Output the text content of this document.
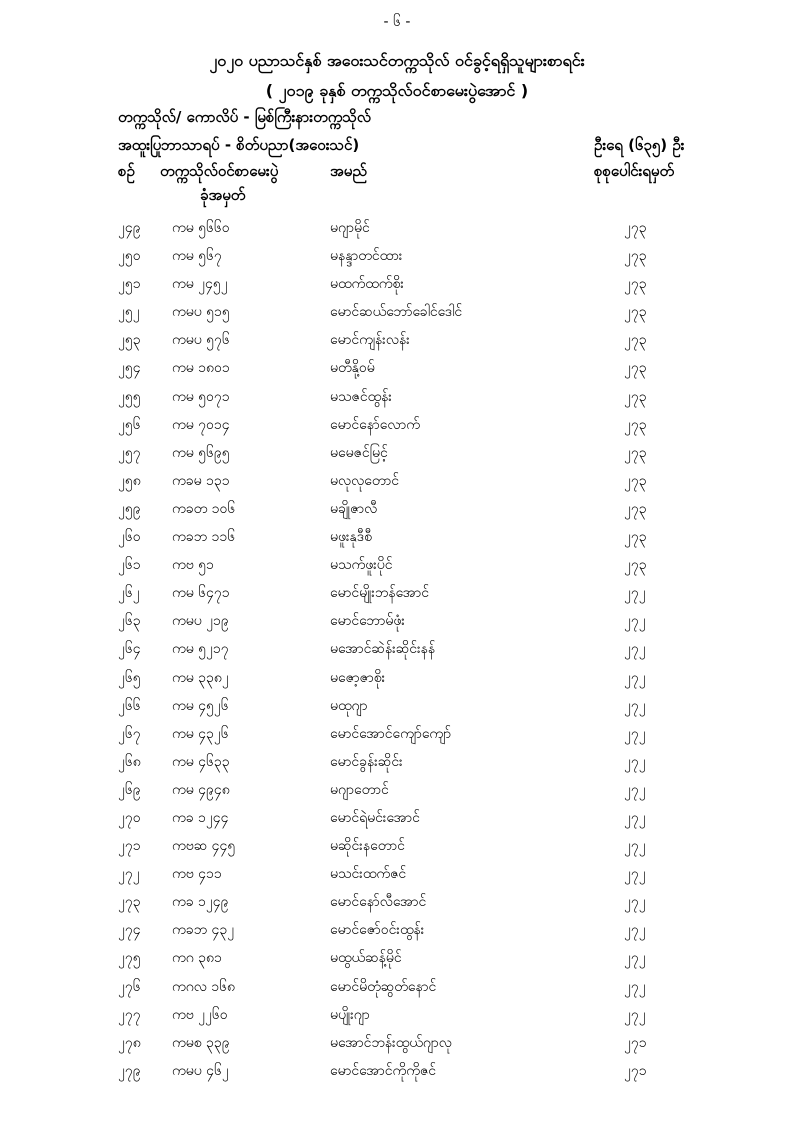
- ၆ -
၂၀၂၀ ပညာသင်နှစ် အဝေးသင်တက္ကသိုလ် ဝင်ခွင့်ရရှိသူများစာရင်း
( ၂၀၁၉ ခုနှစ် တက္ကသိုလ်ဝင်စာမေးပွဲအောင် )
တက္ကသိုလ်/ ကောလိပ် - မြစ်ကြီးနားတက္ကသိုလ်
အထူးပြုဘာသာရပ် - စိတ်ပညာ(အဝေးသင်)	ဦးရေ (၆၃၅) ဦး
စဉ် တက္ကသိုလ်ဝင်စာမေးပွဲ
ခုံအမှတ်
အမည်	စုစုပေါင်းရမှတ်
၂၄၉ ကမ ၅၆၆၀	မဂျာမိုင်	၂၇၃
၂၅၀ ကမ ၅၆၇	မနန္ဒာတင်ထား	၂၇၃
၂၅၁ ကမ ၂၄၅၂	မထက်ထက်စိုး	၂၇၃
၂၅၂ ကမပ ၅၁၅	မောင်ဆယ်ဘော်ခေါင်ဒေါင်	၂၇၃
၂၅၃ ကမပ ၅၇၆	မောင်ကျန်းလန်း	၂၇၃
၂၅၄ ကမ ၁၈၀၁	မတီနို့ဝမ်	၂၇၃
၂၅၅ ကမ ၅၀၇၁	မသဇင်ထွန်း	၂၇၃
၂၅၆ ကမ ၇၀၁၄	မောင်နော်လောက်	၂၇၃
၂၅၇ ကမ ၅၆၉၅	မမေဇင်မြင့်	၂၇၃
၂၅၈ ကခမ ၁၃၁	မလုလုတောင်	၂၇၃
၂၅၉ ကခတ ၁၀၆	မချိုဇာလီ	၂၇၃
၂၆၀ ကခဘ ၁၁၆	မဖူးနုဒီစီ	၂၇၃
၂၆၁ ကဗ ၅၁	မသက်ဖူးပိုင်	၂၇၃
၂၆၂ ကမ ၆၄၇၁	မောင်မျိုးဘန်အောင်	၂၇၂
၂၆၃ ကမပ ၂၁၉	မောင်ဘောမ်ဖုံး	၂၇၂
၂၆၄ ကမ ၅၂၁၇	မအောင်ဆဲန်းဆိုင်းနန်	၂၇၂
၂၆၅ ကမ ၃၃၈၂	မဇော့ဇာစိုး	၂၇၂
၂၆၆ ကမ ၄၅၂၆	မထုဂျာ	၂၇၂
၂၆၇ ကမ ၄၃၂၆	မောင်အောင်ကျော်ကျော်	၂၇၂
၂၆၈ ကမ ၄၆၃၃	မောင်ခွန်းဆိုင်း	၂၇၂
၂၆၉ ကမ ၄၉၄၈	မဂျာတောင်	၂၇၂
၂၇၀ ကခ ၁၂၄၄	မောင်ရဲမင်းအောင်	၂၇၂
၂၇၁ ကဗဆ ၄၄၅	မဆိုင်းနတောင်	၂၇၂
၂၇၂ ကဗ ၄၁၁	မသင်းထက်ဇင်	၂၇၂
၂၇၃ ကခ ၁၂၄၉	မောင်နော်လီအောင်	၂၇၂
၂၇၄ ကခဘ ၄၃၂	မောင်ဇော်ဝင်းထွန်း	၂၇၂
၂၇၅ ကဂ ၃၈၁	မထွယ်ဆန့်မိုင်	၂၇၂
၂၇၆ ကဂလ ၁၆၈	မောင်မိတုံဆွတ်နောင်	၂၇၂
၂၇၇ ကဗ ၂၂၆၀	မပျိုးဂျာ	၂၇၂
၂၇၈ ကမစ ၃၃၉	မအောင်ဘန်းထွယ်ဂျာလု	၂၇၁
၂၇၉ ကမပ ၄၆၂	မောင်အောင်ကိုကိုဇင်	၂၇၁
